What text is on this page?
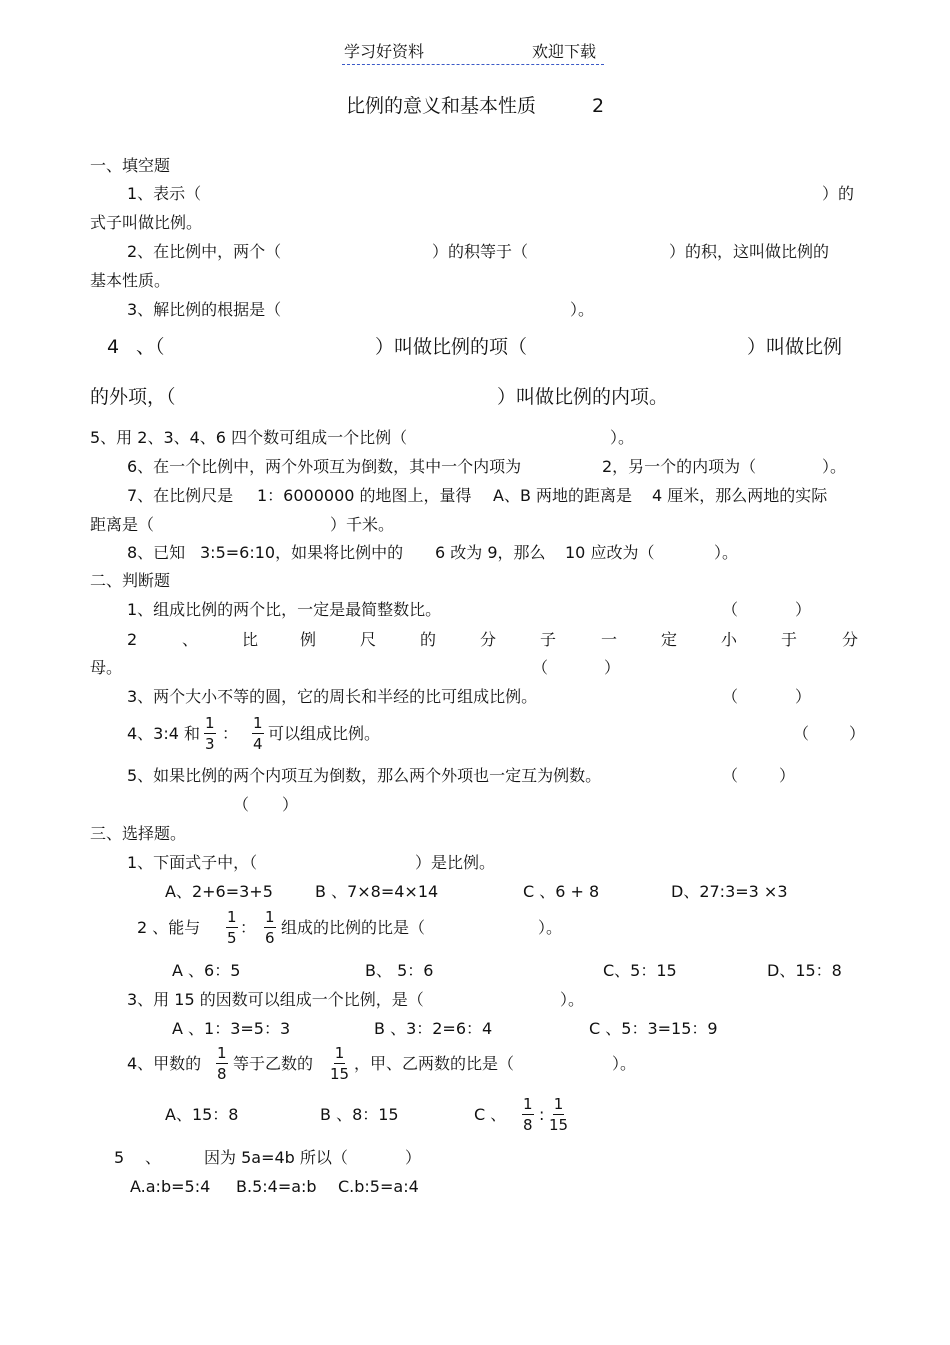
学习好资料	欢迎下载
比例的意义和基本性质	2
一、填空题
1、表示（	）的
式子叫做比例。
2、在比例中，两个（	）的积等于（	）的积，这叫做比例的
基本性质。
3、解比例的根据是（	）。
4 、（	）叫做比例的项（	）叫做比例
的外项，（	）叫做比例的内项。
5、用 2、3、4、6 四个数可组成一个比例（	）。
6、在一个比例中，两个外项互为倒数，其中一个内项为	2，另一个的内项为（	）。
7、在比例尺是 1：6000000 的地图上，量得 A、B 两地的距离是 4 厘米，那么两地的实际
距离是（	）千米。
8、已知 3:5=6:10，如果将比例中的 6 改为 9，那么 10 应改为（	）。
二、判断题
1、组成比例的两个比，一定是最简整数比。	（	）
2	、	比	例	尺	的	分	子	一	定	小	于	分
母。	（	）
3、两个大小不等的圆，它的周长和半经的比可组成比例。	（	）
4、3:4 和 $\frac{1}{3}$ ： $\frac{1}{4}$ 可以组成比例。	（ ）
5、如果比例的两个内项互为倒数，那么两个外项也一定互为例数。	（	）
（ ）
三、选择题。
1、下面式子中，（	）是比例。
A、2+6=3+5	B 、7×8=4×14	C 、6 + 8	D、27:3=3 ×3
2 、能与 $\frac{1}{5}$ ： $\frac{1}{6}$ 组成的比例的比是（	）。
A 、6：5	B、 5：6	C、5：15	D、15：8
3、用 15 的因数可以组成一个比例，是（	）。
A 、1：3=5：3	B 、3：2=6：4	C 、5：3=15：9
4、甲数的 $\frac{1}{8}$ 等于乙数的 $\frac{1}{15}$ ，甲、乙两数的比是（	）。
A、15：8	B 、8：15	C 、 $\frac{1}{8}$ : $\frac{1}{15}$
5 、	因为 5a=4b 所以（	）
A.a:b=5:4 B.5:4=a:b C.b:5=a:4
